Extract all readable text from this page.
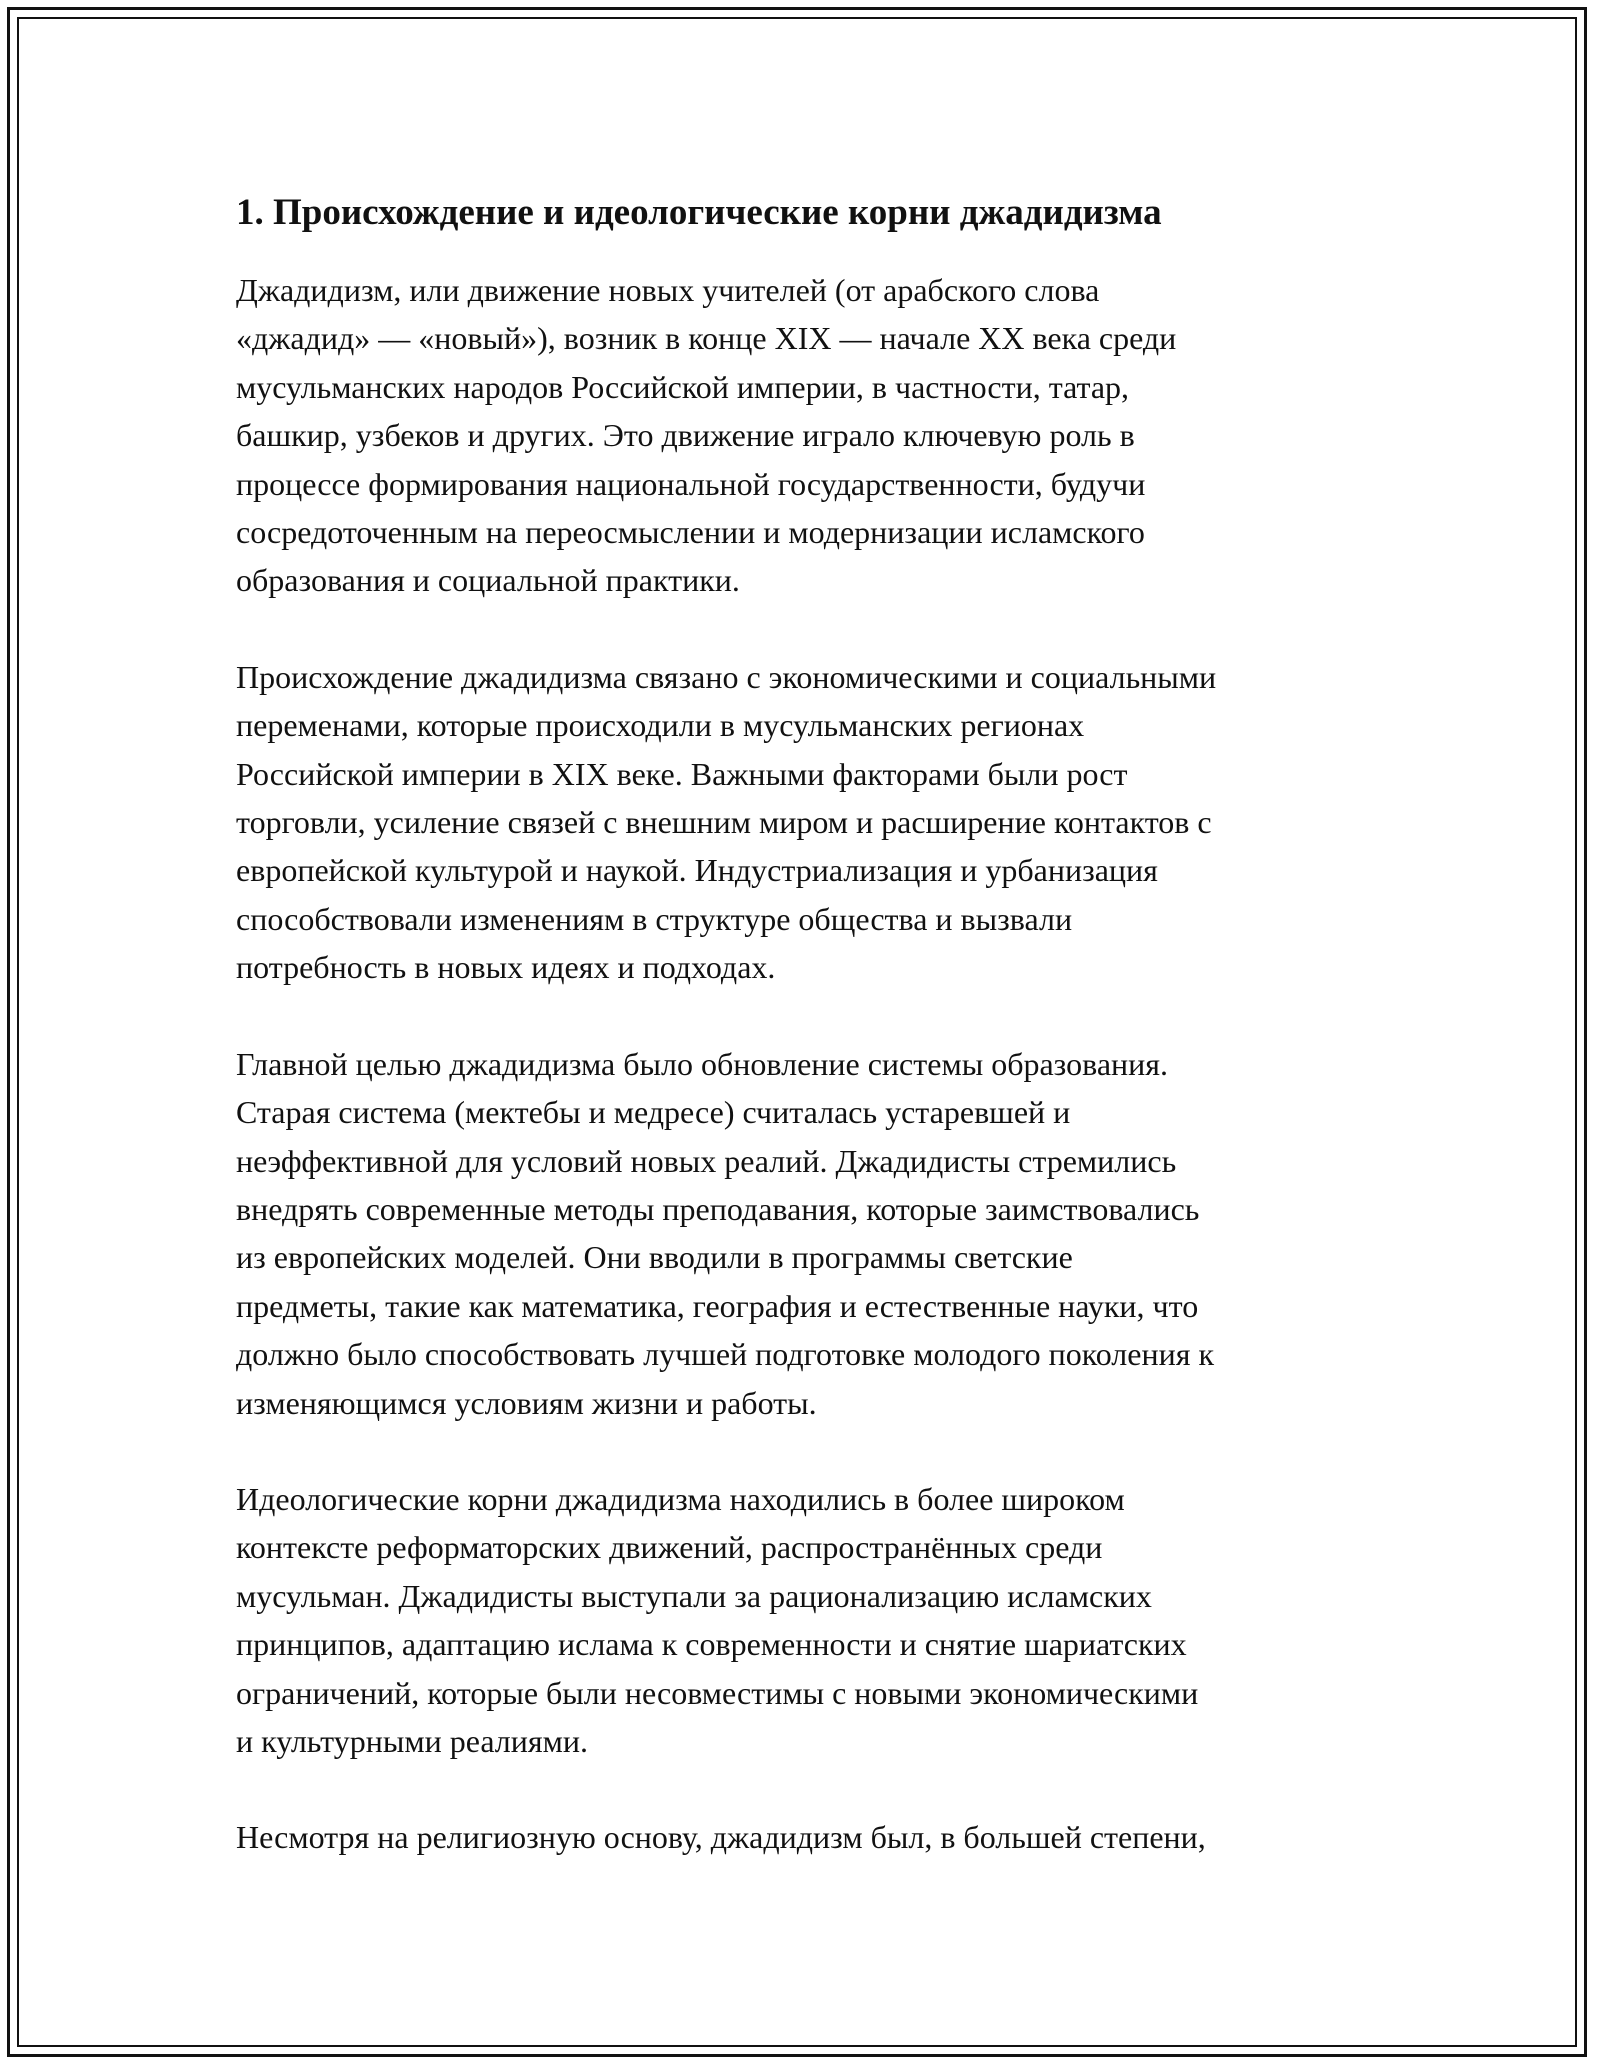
1. Происхождение и идеологические корни джадидизма

Джадидизм, или движение новых учителей (от арабского слова
«джадид» — «новый»), возник в конце XIX — начале XX века среди
мусульманских народов Российской империи, в частности, татар,
башкир, узбеков и других. Это движение играло ключевую роль в
процессе формирования национальной государственности, будучи
сосредоточенным на переосмыслении и модернизации исламского
образования и социальной практики.

Происхождение джадидизма связано с экономическими и социальными
переменами, которые происходили в мусульманских регионах
Российской империи в XIX веке. Важными факторами были рост
торговли, усиление связей с внешним миром и расширение контактов с
европейской культурой и наукой. Индустриализация и урбанизация
способствовали изменениям в структуре общества и вызвали
потребность в новых идеях и подходах.

Главной целью джадидизма было обновление системы образования.
Старая система (мектебы и медресе) считалась устаревшей и
неэффективной для условий новых реалий. Джадидисты стремились
внедрять современные методы преподавания, которые заимствовались
из европейских моделей. Они вводили в программы светские
предметы, такие как математика, география и естественные науки, что
должно было способствовать лучшей подготовке молодого поколения к
изменяющимся условиям жизни и работы.

Идеологические корни джадидизма находились в более широком
контексте реформаторских движений, распространённых среди
мусульман. Джадидисты выступали за рационализацию исламских
принципов, адаптацию ислама к современности и снятие шариатских
ограничений, которые были несовместимы с новыми экономическими
и культурными реалиями.

Несмотря на религиозную основу, джадидизм был, в большей степени,
